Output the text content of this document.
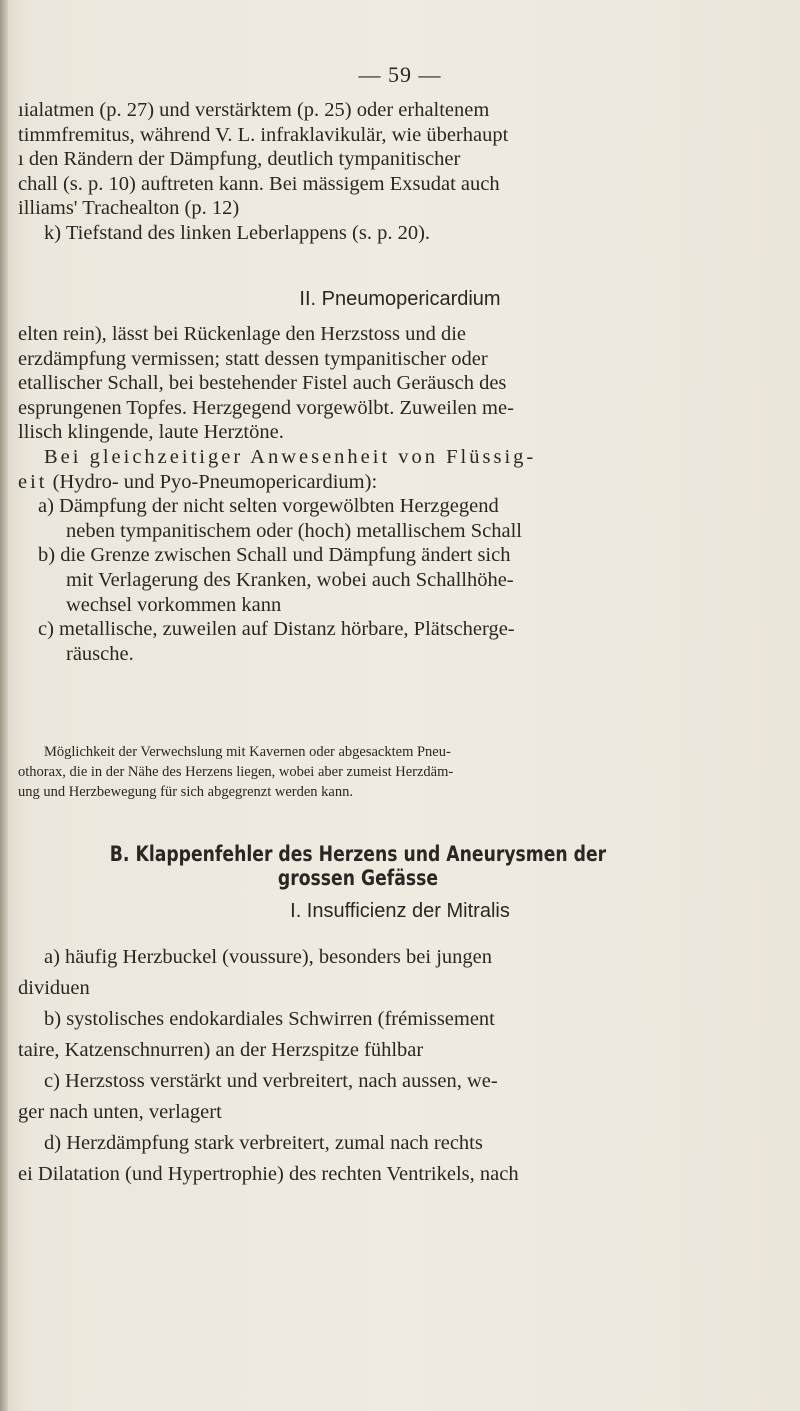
— 59 —
ıialatmen (p. 27) und verstärktem (p. 25) oder erhaltenem
timmfremitus, während V. L. infraklavikulär, wie überhaupt
ı den Rändern der Dämpfung, deutlich tympanitischer
chall (s. p. 10) auftreten kann. Bei mässigem Exsudat auch
illiams' Trachealton (p. 12)
k) Tiefstand des linken Leberlappens (s. p. 20).
II. Pneumopericardium
elten rein), lässt bei Rückenlage den Herzstoss und die
erzdämpfung vermissen; statt dessen tympanitischer oder
etallischer Schall, bei bestehender Fistel auch Geräusch des
esprungenen Topfes. Herzgegend vorgewölbt. Zuweilen me-
llisch klingende, laute Herztöne.
Bei gleichzeitiger Anwesenheit von Flüssig-
eit (Hydro- und Pyo-Pneumopericardium):
a) Dämpfung der nicht selten vorgewölbten Herzgegend
neben tympanitischem oder (hoch) metallischem Schall
b) die Grenze zwischen Schall und Dämpfung ändert sich
mit Verlagerung des Kranken, wobei auch Schallhöhe-
wechsel vorkommen kann
c) metallische, zuweilen auf Distanz hörbare, Plätscherge-
räusche.
Möglichkeit der Verwechslung mit Kavernen oder abgesacktem Pneu-
othorax, die in der Nähe des Herzens liegen, wobei aber zumeist Herzdäm-
ung und Herzbewegung für sich abgegrenzt werden kann.
B. Klappenfehler des Herzens und Aneurysmen der grossen Gefässe
I. Insufficienz der Mitralis
a) häufig Herzbuckel (voussure), besonders bei jungen
dividuen
b) systolisches endokardiales Schwirren (frémissement
taire, Katzenschnurren) an der Herzspitze fühlbar
c) Herzstoss verstärkt und verbreitert, nach aussen, we-
ger nach unten, verlagert
d) Herzdämpfung stark verbreitert, zumal nach rechts
ei Dilatation (und Hypertrophie) des rechten Ventrikels, nach
